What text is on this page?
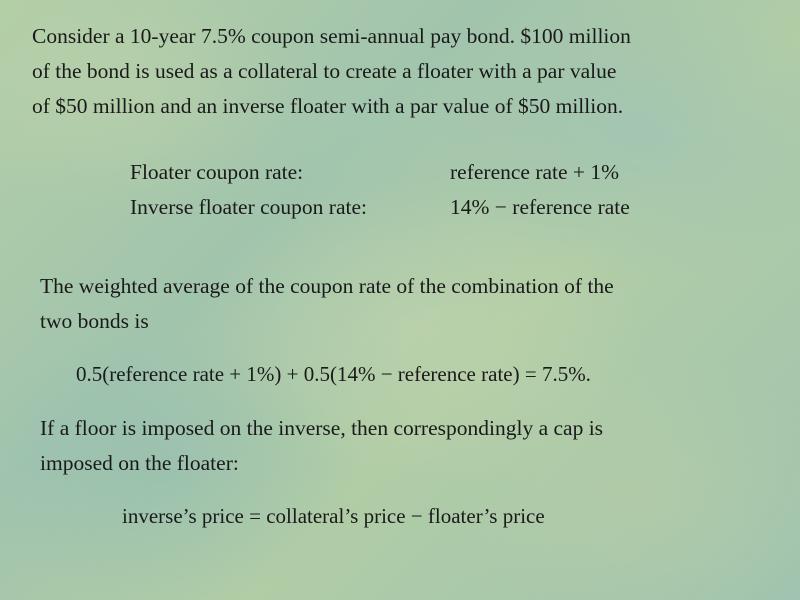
Consider a 10-year 7.5% coupon semi-annual pay bond. $100 million
of the bond is used as a collateral to create a floater with a par value
of $50 million and an inverse floater with a par value of $50 million.

Floater coupon rate:	reference rate + 1%
Inverse floater coupon rate:	14% − reference rate

The weighted average of the coupon rate of the combination of the
two bonds is

0.5(reference rate + 1%) + 0.5(14% − reference rate) = 7.5%.

If a floor is imposed on the inverse, then correspondingly a cap is
imposed on the floater:

inverse’s price = collateral’s price − floater’s price
